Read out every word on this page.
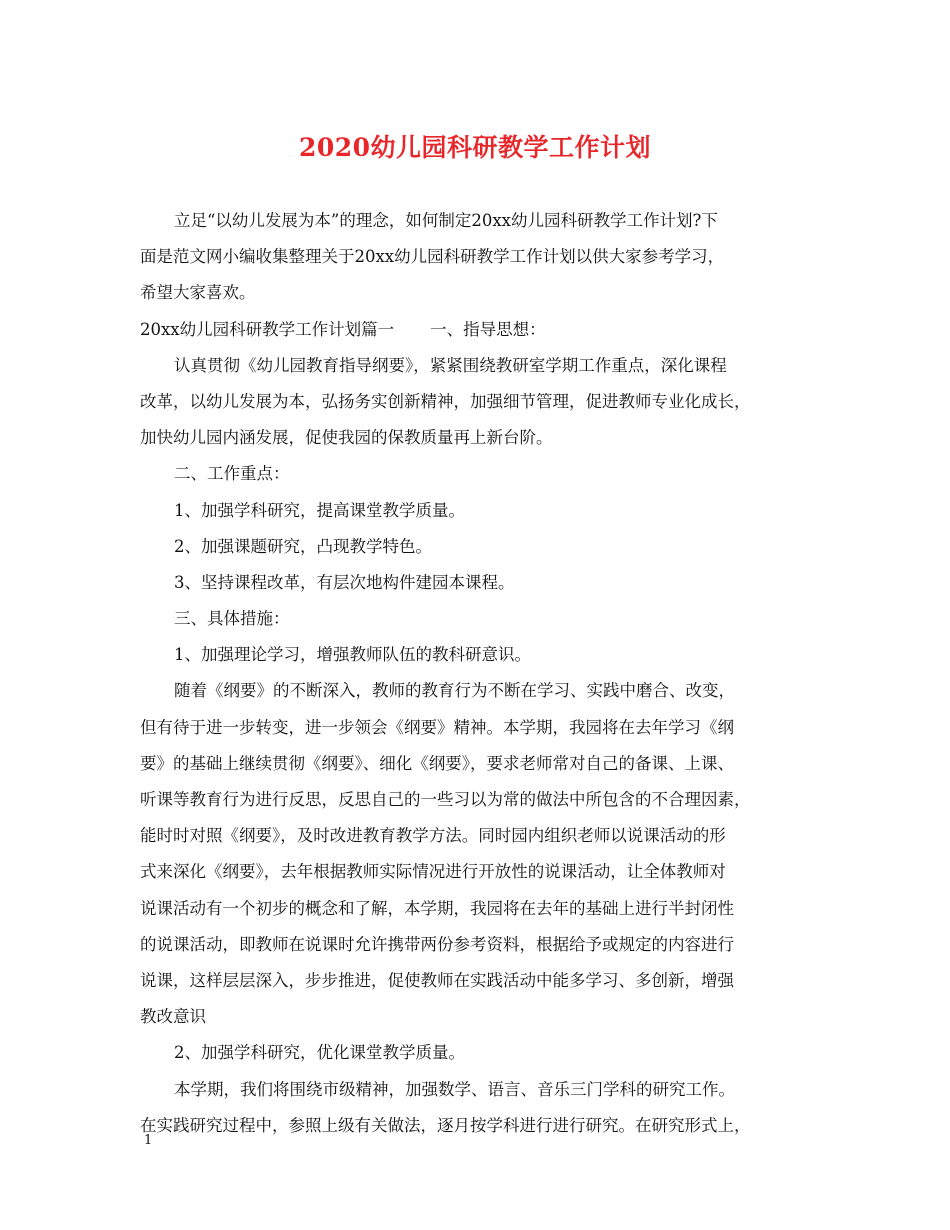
2020幼儿园科研教学工作计划
立足“以幼儿发展为本”的理念，如何制定20xx幼儿园科研教学工作计划?下
面是范文网小编收集整理关于20xx幼儿园科研教学工作计划以供大家参考学习，
希望大家喜欢。
20xx幼儿园科研教学工作计划篇一 一、指导思想：
认真贯彻《幼儿园教育指导纲要》，紧紧围绕教研室学期工作重点，深化课程
改革，以幼儿发展为本，弘扬务实创新精神，加强细节管理，促进教师专业化成长，
加快幼儿园内涵发展，促使我园的保教质量再上新台阶。
二、工作重点：
1、加强学科研究，提高课堂教学质量。
2、加强课题研究，凸现教学特色。
3、坚持课程改革，有层次地构件建园本课程。
三、具体措施：
1、加强理论学习，增强教师队伍的教科研意识。
随着《纲要》的不断深入，教师的教育行为不断在学习、实践中磨合、改变，
但有待于进一步转变，进一步领会《纲要》精神。本学期，我园将在去年学习《纲
要》的基础上继续贯彻《纲要》、细化《纲要》，要求老师常对自己的备课、上课、
听课等教育行为进行反思，反思自己的一些习以为常的做法中所包含的不合理因素，
能时时对照《纲要》，及时改进教育教学方法。同时园内组织老师以说课活动的形
式来深化《纲要》，去年根据教师实际情况进行开放性的说课活动，让全体教师对
说课活动有一个初步的概念和了解，本学期，我园将在去年的基础上进行半封闭性
的说课活动，即教师在说课时允许携带两份参考资料，根据给予或规定的内容进行
说课，这样层层深入，步步推进，促使教师在实践活动中能多学习、多创新，增强
教改意识
2、加强学科研究，优化课堂教学质量。
本学期，我们将围绕市级精神，加强数学、语言、音乐三门学科的研究工作。
在实践研究过程中，参照上级有关做法，逐月按学科进行进行研究。在研究形式上，
1
